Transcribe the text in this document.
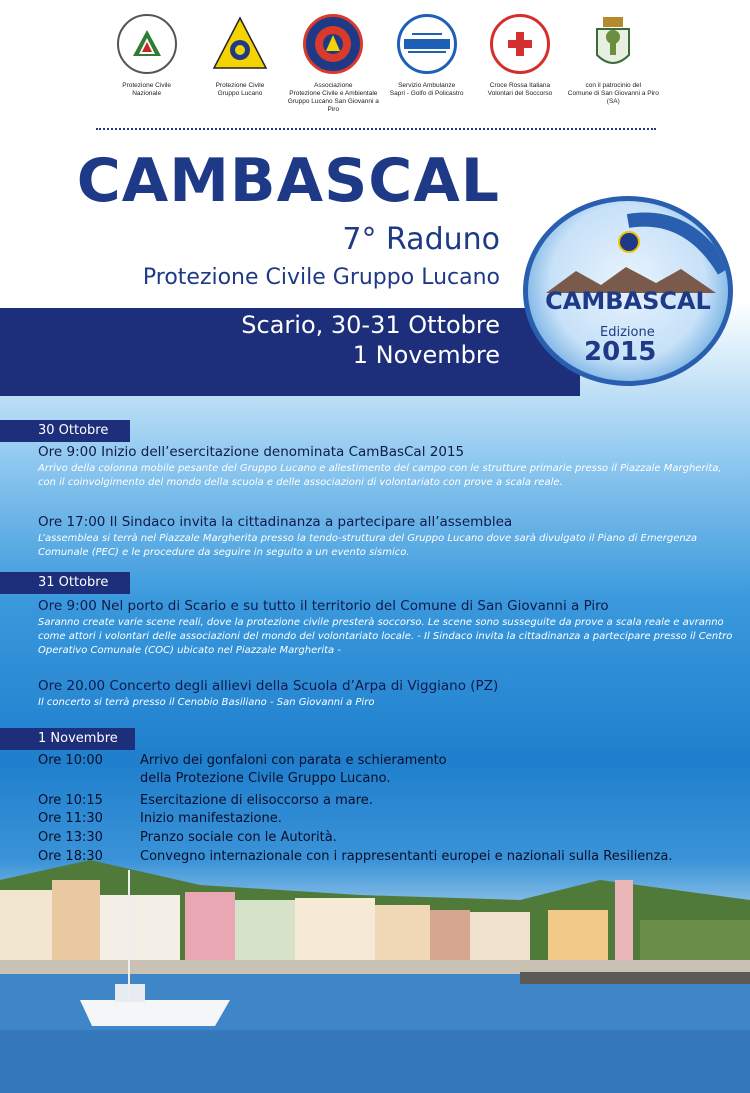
Protezione Civile
Nazionale
Protezione Civile
Gruppo Lucano
Associazione
Protezione Civile e Ambientale
Gruppo Lucano San Giovanni a Piro
Servizio Ambulanze
Sapri - Golfo di Policastro
Croce Rossa Italiana
Volontari del Soccorso
con il patrocinio del
Comune di San Giovanni a Piro (SA)
CAMBASCAL
7° Raduno
Protezione Civile Gruppo Lucano
Scario, 30-31 Ottobre
1 Novembre
CAMBASCAL
Edizione
2015
30 Ottobre
Ore 9:00 Inizio dell’esercitazione denominata CamBasCal 2015
Arrivo della colonna mobile pesante del Gruppo Lucano e allestimento del campo con le strutture primarie presso il Piazzale Margherita, con il coinvolgimento del mondo della scuola e delle associazioni di volontariato con prove a scala reale.
Ore 17:00 Il Sindaco invita la cittadinanza a partecipare all’assemblea
L’assemblea si terrà nel Piazzale Margherita presso la tendo-struttura del Gruppo Lucano dove sarà divulgato il Piano di Emergenza Comunale (PEC) e le procedure da seguire in seguito a un evento sismico.
31 Ottobre
Ore 9:00 Nel porto di Scario e su tutto il territorio del Comune di San Giovanni a Piro
Saranno create varie scene reali, dove la protezione civile presterà soccorso. Le scene sono susseguite da prove a scala reale e avranno come attori i volontari delle associazioni del mondo del volontariato locale. - Il Sindaco invita la cittadinanza a partecipare presso il Centro Operativo Comunale (COC) ubicato nel Piazzale Margherita -
Ore 20.00 Concerto degli allievi della Scuola d’Arpa di Viggiano (PZ)
Il concerto si terrà presso il Cenobio Basiliano - San Giovanni a Piro
1 Novembre
Ore 10:00	Arrivo dei gonfaloni con parata e schieramento
della Protezione Civile Gruppo Lucano.
Ore 10:15	Esercitazione di elisoccorso a mare.
Ore 11:30	Inizio manifestazione.
Ore 13:30	Pranzo sociale con le Autorità.
Ore 18:30	Convegno internazionale con i rappresentanti europei e nazionali sulla Resilienza.
